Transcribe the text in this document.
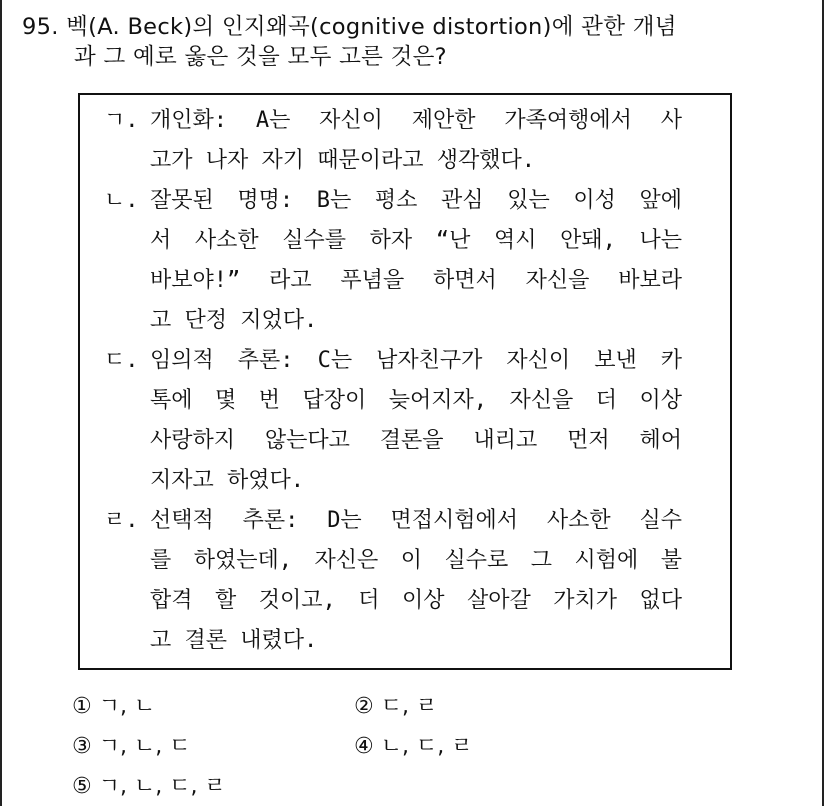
95. 벡(A. Beck)의 인지왜곡(cognitive distortion)에 관한 개념
과 그 예로 옳은 것을 모두 고른 것은?
ㄱ. 개인화: A는 자신이 제안한 가족여행에서 사
고가 나자 자기 때문이라고 생각했다.
ㄴ. 잘못된 명명: B는 평소 관심 있는 이성 앞에
서 사소한 실수를 하자 “난 역시 안돼, 나는
바보야!” 라고 푸념을 하면서 자신을 바보라
고 단정 지었다.
ㄷ. 임의적 추론: C는 남자친구가 자신이 보낸 카
톡에 몇 번 답장이 늦어지자, 자신을 더 이상
사랑하지 않는다고 결론을 내리고 먼저 헤어
지자고 하였다.
ㄹ. 선택적 추론: D는 면접시험에서 사소한 실수
를 하였는데, 자신은 이 실수로 그 시험에 불
합격 할 것이고, 더 이상 살아갈 가치가 없다
고 결론 내렸다.
① ㄱ, ㄴ	② ㄷ, ㄹ
③ ㄱ, ㄴ, ㄷ	④ ㄴ, ㄷ, ㄹ
⑤ ㄱ, ㄴ, ㄷ, ㄹ
